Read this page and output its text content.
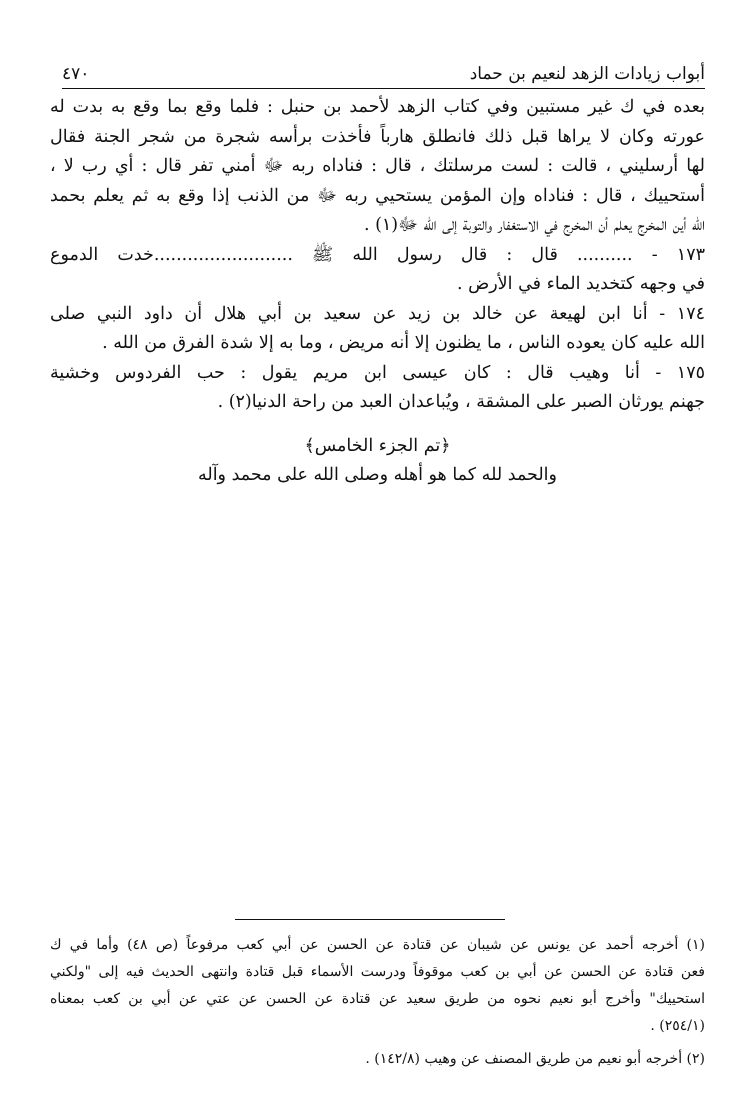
أبواب زيادات الزهد لنعيم بن حماد
٤٧٠
بعده في ك غير مستبين وفي كتاب الزهد لأحمد بن حنبل : فلما وقع بما وقع به بدت له
عورته وكان لا يراها قبل ذلك فانطلق هارباً فأخذت برأسه شجرة من شجر الجنة فقال
لها أرسليني ، قالت : لست مرسلتك ، قال : فناداه ربه ﷻ أمني تفر قال : أي رب لا ،
أستحييك ، قال : فناداه وإن المؤمن يستحيي ربه ﷻ من الذنب إذا وقع به ثم يعلم بحمد
الله أين المخرج يعلم أن المخرج في الاستغفار والتوبة إلى الله ﷻ(١) .
١٧٣ - .......... قال : قال رسول الله ﷺ .........................خدت الدموع
في وجهه كتخديد الماء في الأرض .
١٧٤ - أنا ابن لهيعة عن خالد بن زيد عن سعيد بن أبي هلال أن داود النبي صلى
الله عليه كان يعوده الناس ، ما يظنون إلا أنه مريض ، وما به إلا شدة الفرق من الله .
١٧٥ - أنا وهيب قال : كان عيسى ابن مريم يقول : حب الفردوس وخشية
جهنم يورثان الصبر على المشقة ، ويُباعدان العبد من راحة الدنيا(٢) .
﴿تم الجزء الخامس﴾
والحمد لله كما هو أهله وصلى الله على محمد وآله
(١) أخرجه أحمد عن يونس عن شيبان عن قتادة عن الحسن عن أبي كعب مرفوعاً (ص ٤٨) وأما في ك
فعن قتادة عن الحسن عن أبي بن كعب موقوفاً ودرست الأسماء قبل قتادة وانتهى الحديث فيه إلى "ولكني
استحييك" وأخرج أبو نعيم نحوه من طريق سعيد عن قتادة عن الحسن عن عتي عن أبي بن كعب بمعناه
(٢٥٤/١) .
(٢) أخرجه أبو نعيم من طريق المصنف عن وهيب (١٤٢/٨) .
